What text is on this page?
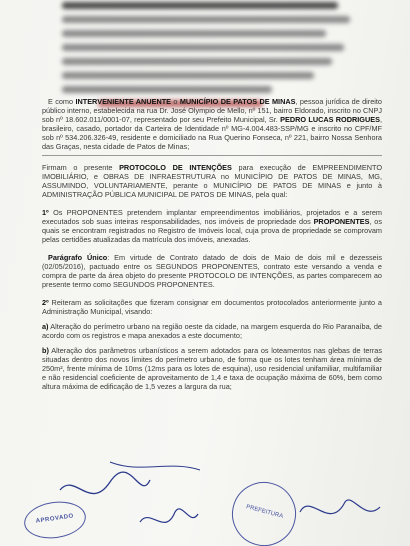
E como INTERVENIENTE ANUENTE o MUNICÍPIO DE PATOS DE MINAS, pessoa jurídica de direito público interno, estabelecida na rua Dr. José Olympio de Mello, nº 151, bairro Eldorado, inscrito no CNPJ sob nº 18.602.011/0001-07, representado por seu Prefeito Municipal, Sr. PEDRO LUCAS RODRIGUES, brasileiro, casado, portador da Carteira de Identidade nº MG-4.004.483-SSP/MG e inscrito no CPF/MF sob nº 534.206.326-49, residente e domiciliado na Rua Querino Fonseca, nº 221, bairro Nossa Senhora das Graças, nesta cidade de Patos de Minas;

Firmam o presente PROTOCOLO DE INTENÇÕES para execução de EMPREENDIMENTO IMOBILIÁRIO, e OBRAS DE INFRAESTRUTURA no MUNICÍPIO DE PATOS DE MINAS, MG, ASSUMINDO, VOLUNTARIAMENTE, perante o MUNICÍPIO DE PATOS DE MINAS e junto à ADMINISTRAÇÃO PÚBLICA MUNICIPAL DE PATOS DE MINAS, pela qual:

1º Os PROPONENTES pretendem implantar empreendimentos imobiliários, projetados e a serem executados sob suas inteiras responsabilidades, nos imóveis de propriedade dos PROPONENTES, os quais se encontram registrados no Registro de Imóveis local, cuja prova de propriedade se comprovam pelas certidões atualizadas da matrícula dos imóveis, anexadas.

Parágrafo Único: Em virtude de Contrato datado de dois de Maio de dois mil e dezesseis (02/05/2016), pactuado entre os SEGUNDOS PROPONENTES, contrato este versando a venda e compra de parte da área objeto do presente PROTOCOLO DE INTENÇÕES, as partes comparecem ao presente termo como SEGUNDOS PROPONENTES.

2º Reiteram as solicitações que fizeram consignar em documentos protocolados anteriormente junto a Administração Municipal, visando:

a) Alteração do perímetro urbano na região oeste da cidade, na margem esquerda do Rio Paranaíba, de acordo com os registros e mapa anexados a este documento;

b) Alteração dos parâmetros urbanísticos a serem adotados para os loteamentos nas glebas de terras situadas dentro dos novos limites do perímetro urbano, de forma que os lotes tenham área mínima de 250m², frente mínima de 10ms (12ms para os lotes de esquina), uso residencial unifamiliar, multifamiliar e não residencial coeficiente de aproveitamento de 1,4 e taxa de ocupação máxima de 60%, bem como altura máxima de edificação de 1,5 vezes a largura da rua;

APROVADO	PREFEITURA
